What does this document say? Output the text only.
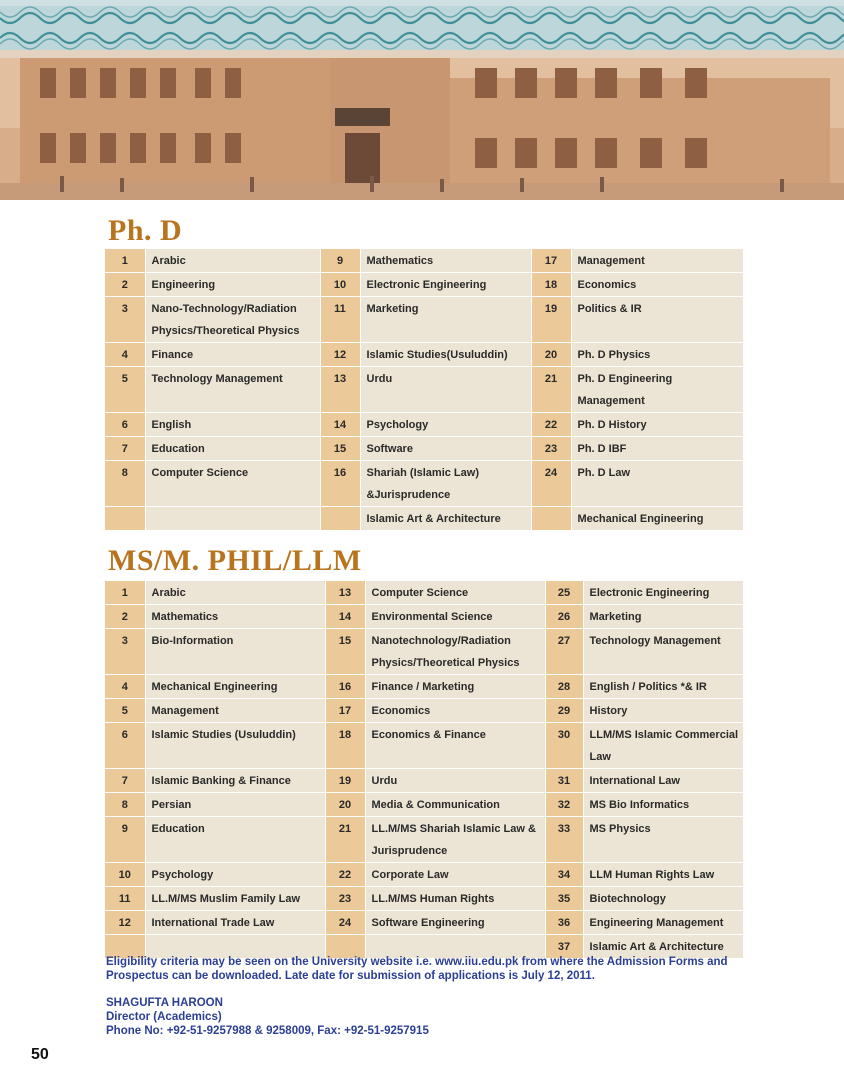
Ph. D
1	Arabic	9	Mathematics	17	Management
2	Engineering	10	Electronic Engineering	18	Economics
3	Nano-Technology/Radiation Physics/Theoretical Physics	11	Marketing	19	Politics & IR
4	Finance	12	Islamic Studies(Usuluddin)	20	Ph. D Physics
5	Technology Management	13	Urdu	21	Ph. D Engineering Management
6	English	14	Psychology	22	Ph. D History
7	Education	15	Software	23	Ph. D IBF
8	Computer Science	16	Shariah (Islamic Law) &Jurisprudence	24	Ph. D Law
			Islamic Art & Architecture		Mechanical Engineering
MS/M. PHIL/LLM
1	Arabic	13	Computer Science	25	Electronic Engineering
2	Mathematics	14	Environmental Science	26	Marketing
3	Bio-Information	15	Nanotechnology/Radiation Physics/Theoretical Physics	27	Technology Management
4	Mechanical Engineering	16	Finance / Marketing	28	English / Politics *& IR
5	Management	17	Economics	29	History
6	Islamic Studies (Usuluddin)	18	Economics & Finance	30	LLM/MS Islamic Commercial Law
7	Islamic Banking & Finance	19	Urdu	31	International Law
8	Persian	20	Media & Communication	32	MS Bio Informatics
9	Education	21	LL.M/MS Shariah Islamic Law & Jurisprudence	33	MS Physics
10	Psychology	22	Corporate Law	34	LLM Human Rights Law
11	LL.M/MS Muslim Family Law	23	LL.M/MS Human Rights	35	Biotechnology
12	International Trade Law	24	Software Engineering	36	Engineering Management
				37	Islamic Art & Architecture

Eligibility criteria may be seen on the University website i.e. www.iiu.edu.pk from where the Admission Forms and Prospectus can be downloaded. Late date for submission of applications is July 12, 2011.

SHAGUFTA HAROON
Director (Academics)
Phone No: +92-51-9257988 & 9258009, Fax: +92-51-9257915
50
